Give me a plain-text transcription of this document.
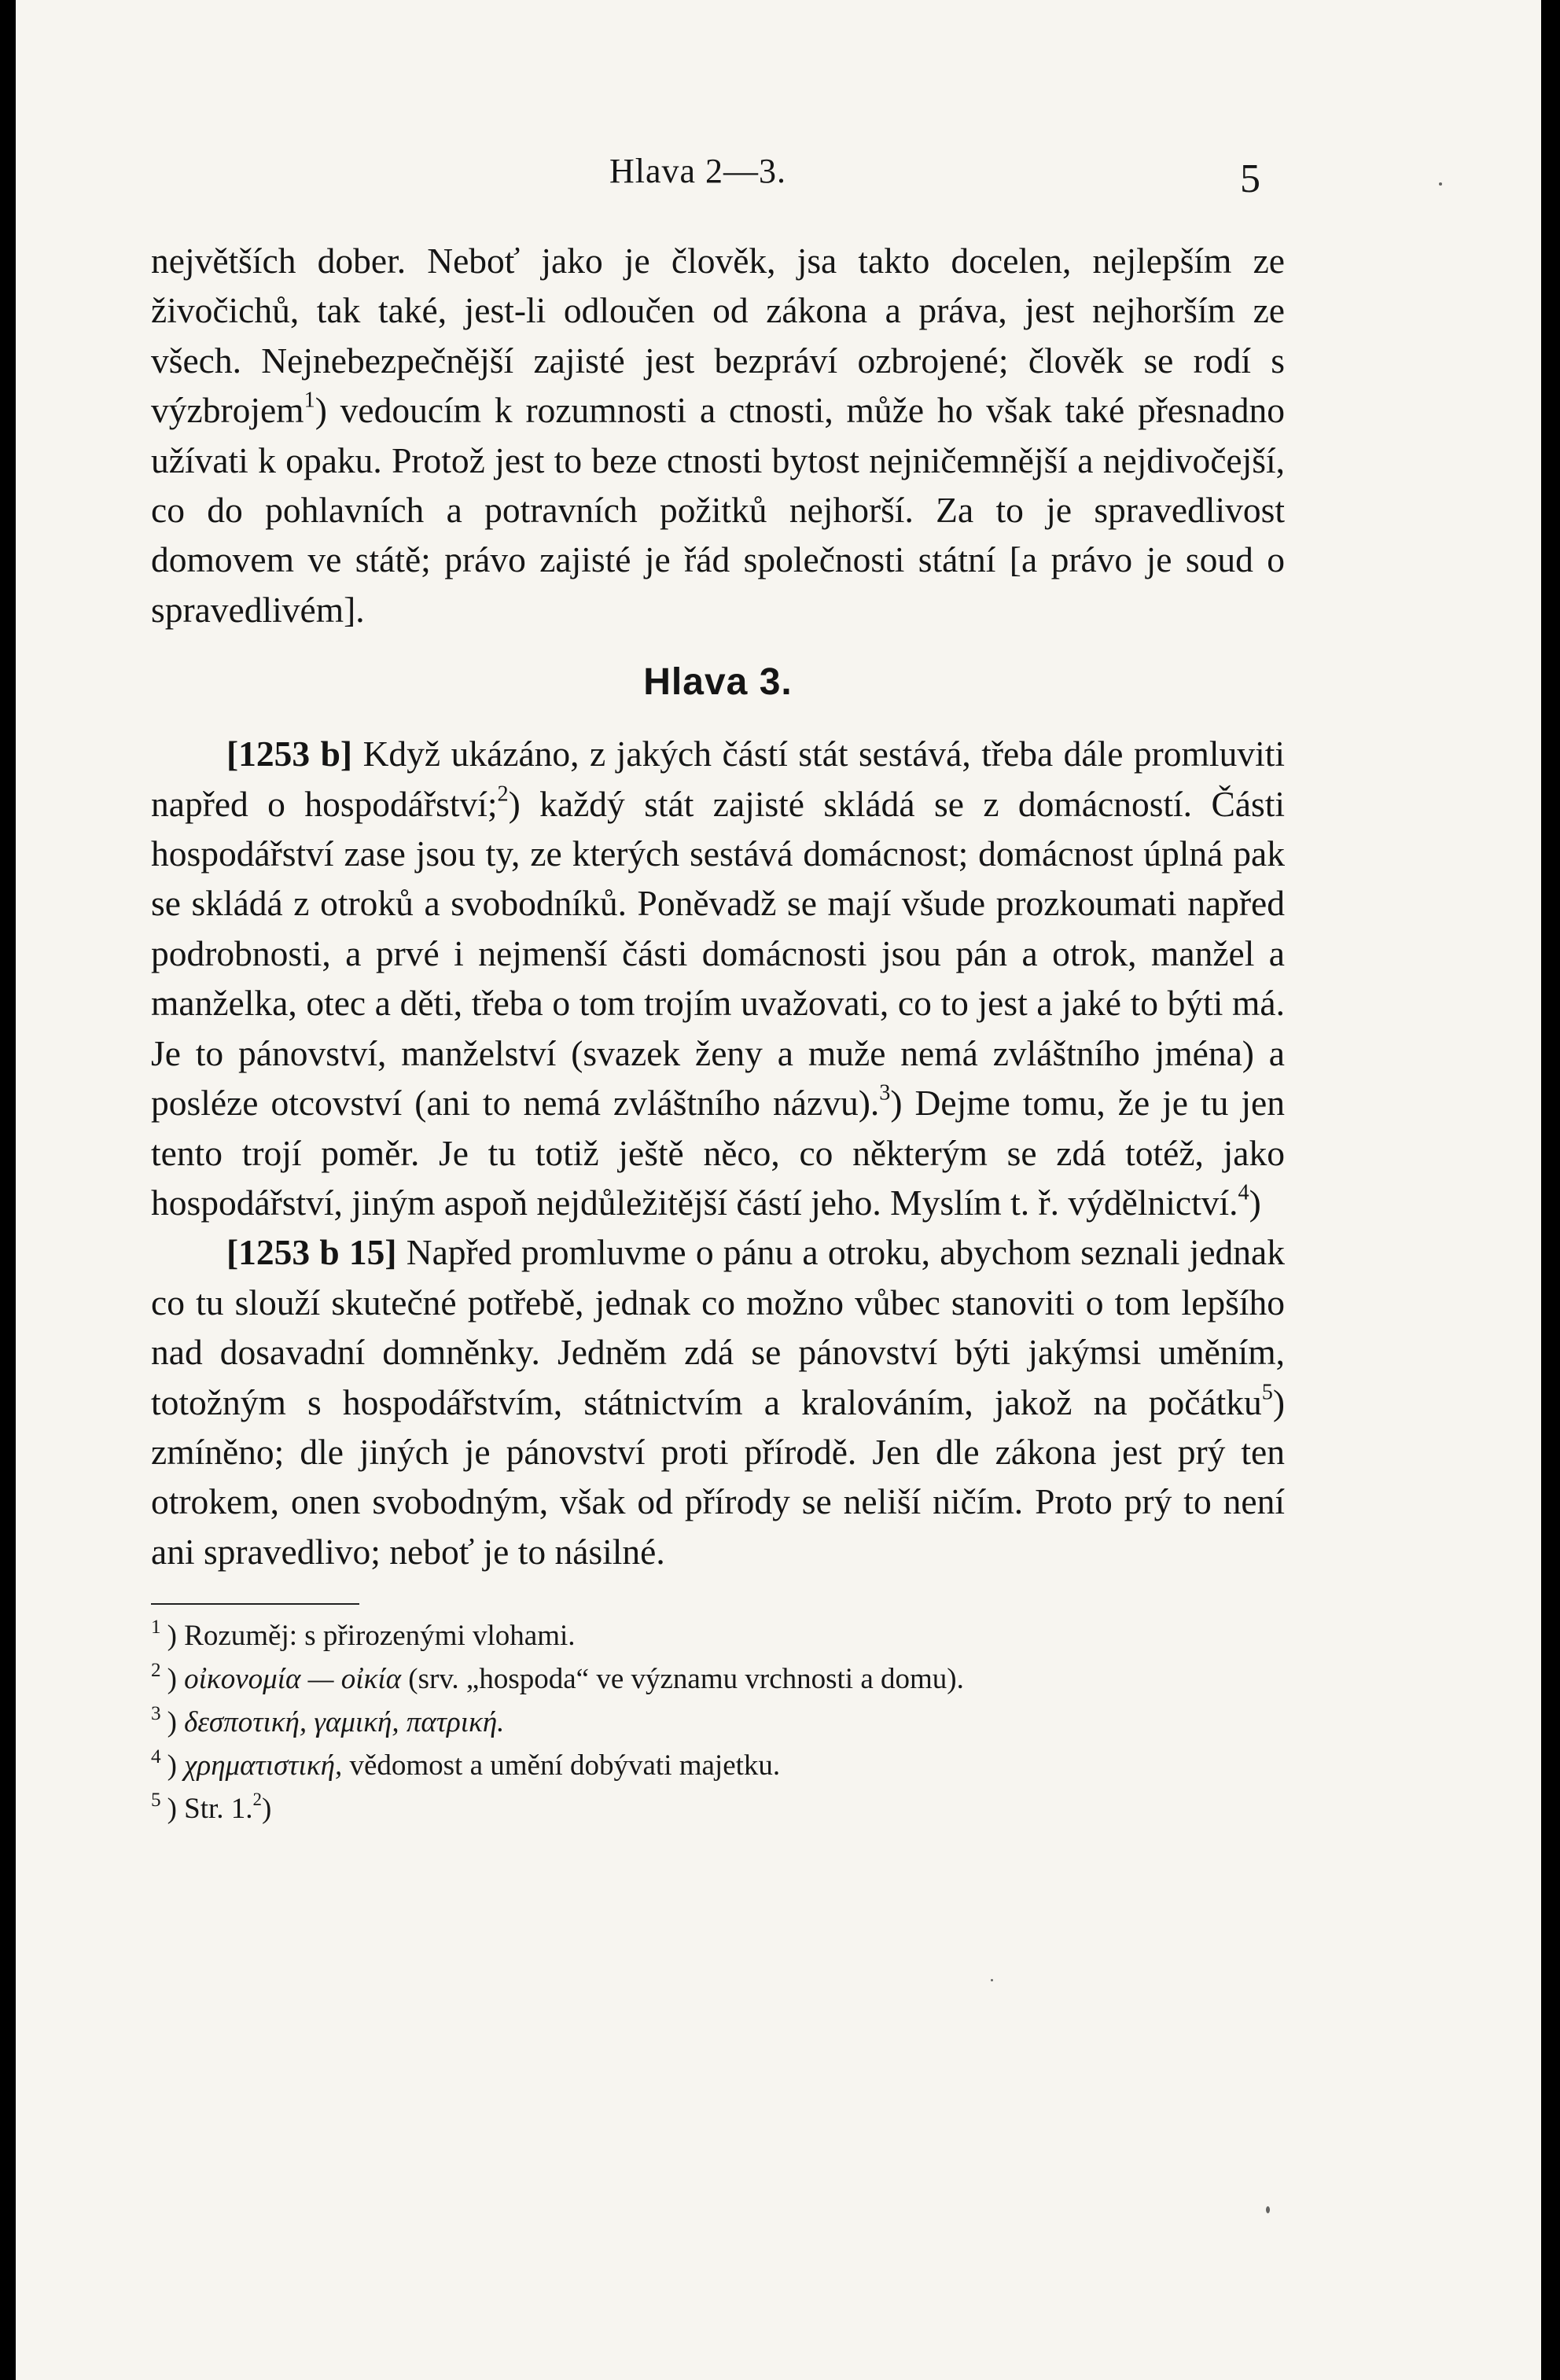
Hlava 2—3.	5

největších dober. Neboť jako je člověk, jsa takto docelen, nejlepším ze živočichů, tak také, jest-li odloučen od zákona a práva, jest nejhorším ze všech. Nejnebezpečnější zajisté jest bezpráví ozbrojené; člověk se rodí s výzbrojem$^1$) vedoucím k rozumnosti a ctnosti, může ho však také přesnadno užívati k opaku. Protož jest to beze ctnosti bytost nejničemnější a nejdivočejší, co do pohlavních a potravních požitků nejhorší. Za to je spravedlivost domovem ve státě; právo zajisté je řád společnosti státní [a právo je soud o spravedlivém].

Hlava 3.

[1253 b] Když ukázáno, z jakých částí stát sestává, třeba dále promluviti napřed o hospodářství;$^2$) každý stát zajisté skládá se z domácností. Části hospodářství zase jsou ty, ze kterých sestává domácnost; domácnost úplná pak se skládá z otroků a svobodníků. Poněvadž se mají všude prozkoumati napřed podrobnosti, a prvé i nejmenší části domácnosti jsou pán a otrok, manžel a manželka, otec a děti, třeba o tom trojím uvažovati, co to jest a jaké to býti má. Je to pánovství, manželství (svazek ženy a muže nemá zvláštního jména) a posléze otcovství (ani to nemá zvláštního názvu).$^3$) Dejme tomu, že je tu jen tento trojí poměr. Je tu totiž ještě něco, co některým se zdá totéž, jako hospodářství, jiným aspoň nejdůležitější částí jeho. Myslím t. ř. výdělnictví.$^4$)

[1253 b 15] Napřed promluvme o pánu a otroku, abychom seznali jednak co tu slouží skutečné potřebě, jednak co možno vůbec stanoviti o tom lepšího nad dosavadní domněnky. Jedněm zdá se pánovství býti jakýmsi uměním, totožným s hospodářstvím, státnictvím a kralováním, jakož na počátku$^5$) zmíněno; dle jiných je pánovství proti přírodě. Jen dle zákona jest prý ten otrokem, onen svobodným, však od přírody se neliší ničím. Proto prý to není ani spravedlivo; neboť je to násilné.

$^1$ ) Rozuměj: s přirozenými vlohami.
$^2$ ) οἰκονομία — οἰκία (srv. „hospoda“ ve významu vrchnosti a domu).
$^3$ ) δεσποτική, γαμική, πατρική.
$^4$ ) χρηματιστική, vědomost a umění dobývati majetku.
$^5$ ) Str. 1.$^2$)
